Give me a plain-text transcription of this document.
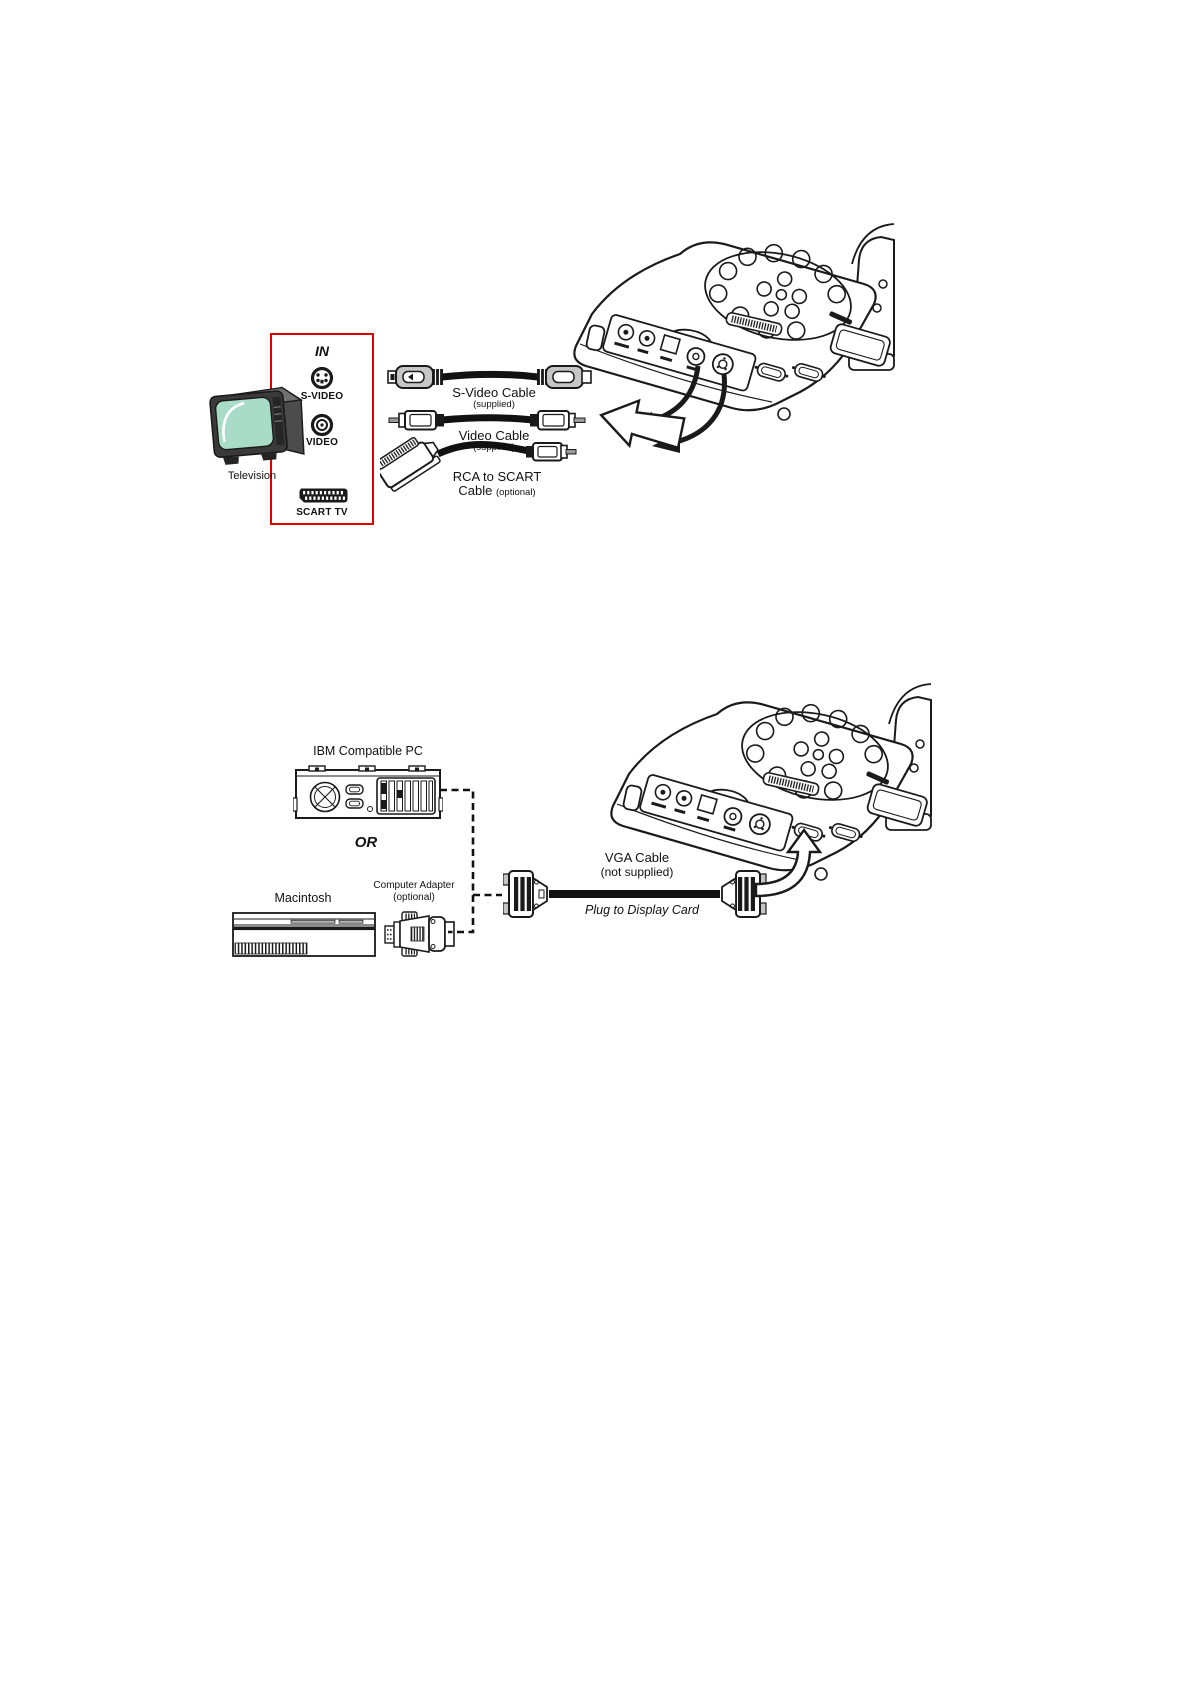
IN
S-VIDEO
VIDEO
SCART TV
Television
S-Video Cable
(supplied)
Video Cable
(supplied)
RCA to SCART
Cable (optional)
IBM Compatible PC
OR
Macintosh
Computer Adapter
(optional)
VGA Cable
(not supplied)
Plug to Display Card
